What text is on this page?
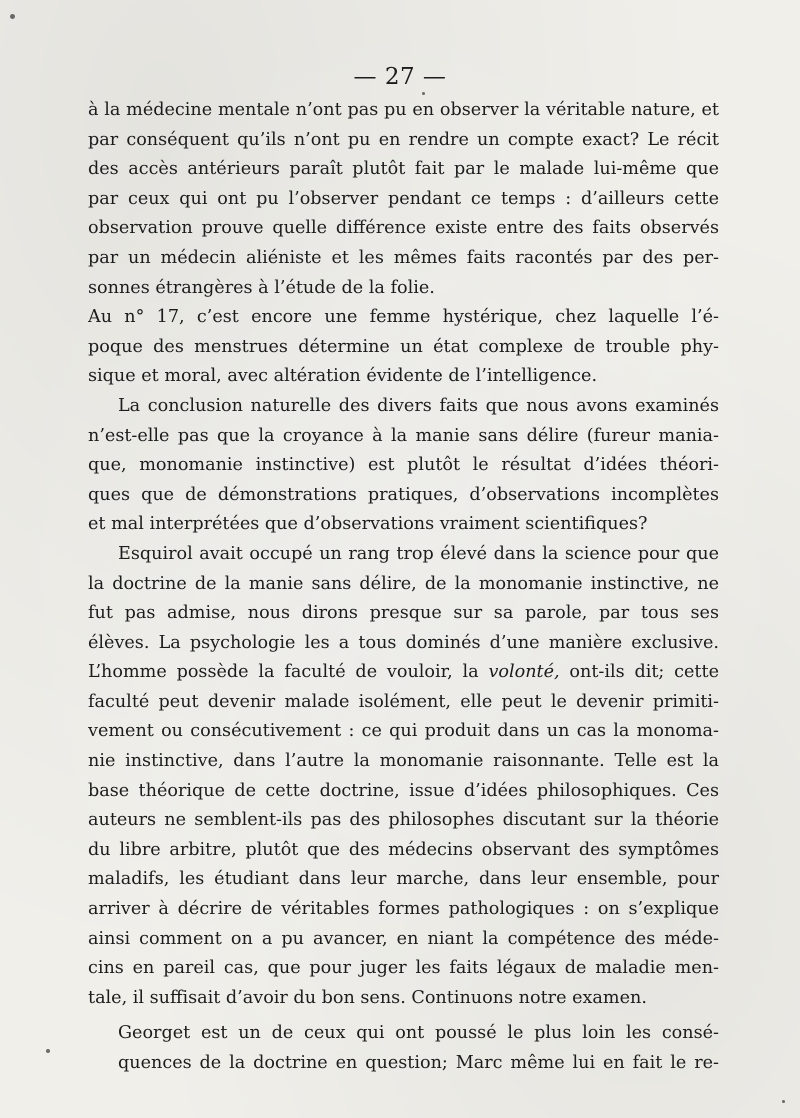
— 27 —
à la médecine mentale n’ont pas pu en observer la véritable nature, et
par conséquent qu’ils n’ont pu en rendre un compte exact? Le récit
des accès antérieurs paraît plutôt fait par le malade lui-même que
par ceux qui ont pu l’observer pendant ce temps : d’ailleurs cette
observation prouve quelle différence existe entre des faits observés
par un médecin aliéniste et les mêmes faits racontés par des per-
sonnes étrangères à l’étude de la folie.
Au n° 17, c’est encore une femme hystérique, chez laquelle l’é-
poque des menstrues détermine un état complexe de trouble phy-
sique et moral, avec altération évidente de l’intelligence.
La conclusion naturelle des divers faits que nous avons examinés
n’est-elle pas que la croyance à la manie sans délire (fureur mania-
que, monomanie instinctive) est plutôt le résultat d’idées théori-
ques que de démonstrations pratiques, d’observations incomplètes
et mal interprétées que d’observations vraiment scientifiques?
Esquirol avait occupé un rang trop élevé dans la science pour que
la doctrine de la manie sans délire, de la monomanie instinctive, ne
fut pas admise, nous dirons presque sur sa parole, par tous ses
élèves. La psychologie les a tous dominés d’une manière exclusive.
L’homme possède la faculté de vouloir, la volonté, ont-ils dit; cette
faculté peut devenir malade isolément, elle peut le devenir primiti-
vement ou consécutivement : ce qui produit dans un cas la monoma-
nie instinctive, dans l’autre la monomanie raisonnante. Telle est la
base théorique de cette doctrine, issue d’idées philosophiques. Ces
auteurs ne semblent-ils pas des philosophes discutant sur la théorie
du libre arbitre, plutôt que des médecins observant des symptômes
maladifs, les étudiant dans leur marche, dans leur ensemble, pour
arriver à décrire de véritables formes pathologiques : on s’explique
ainsi comment on a pu avancer, en niant la compétence des méde-
cins en pareil cas, que pour juger les faits légaux de maladie men-
tale, il suffisait d’avoir du bon sens. Continuons notre examen.
Georget est un de ceux qui ont poussé le plus loin les consé-
quences de la doctrine en question; Marc même lui en fait le re-
